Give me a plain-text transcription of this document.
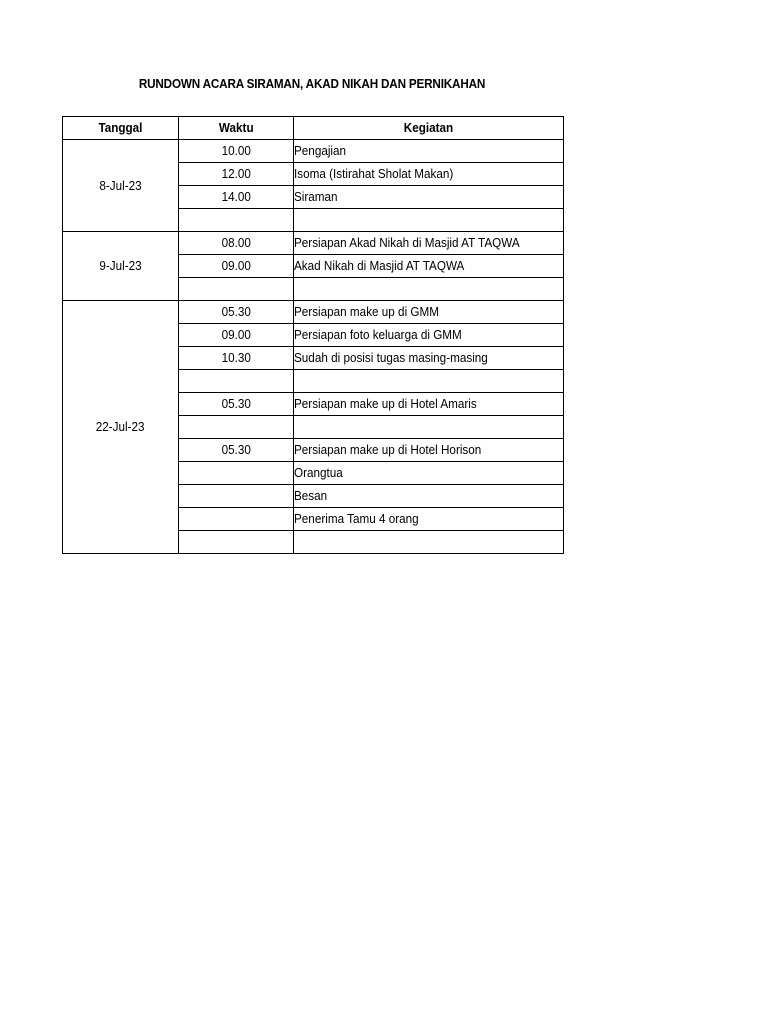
RUNDOWN ACARA SIRAMAN, AKAD NIKAH DAN PERNIKAHAN
Tanggal	Waktu	Kegiatan
8-Jul-23	10.00	Pengajian
	12.00	Isoma (Istirahat Sholat Makan)
	14.00	Siraman

9-Jul-23	08.00	Persiapan Akad Nikah di Masjid AT TAQWA
	09.00	Akad Nikah di Masjid AT TAQWA

22-Jul-23	05.30	Persiapan make up di GMM
	09.00	Persiapan foto keluarga di GMM
	10.30	Sudah di posisi tugas masing-masing

	05.30	Persiapan make up di Hotel Amaris

	05.30	Persiapan make up di Hotel Horison
		Orangtua
		Besan
		Penerima Tamu 4 orang
